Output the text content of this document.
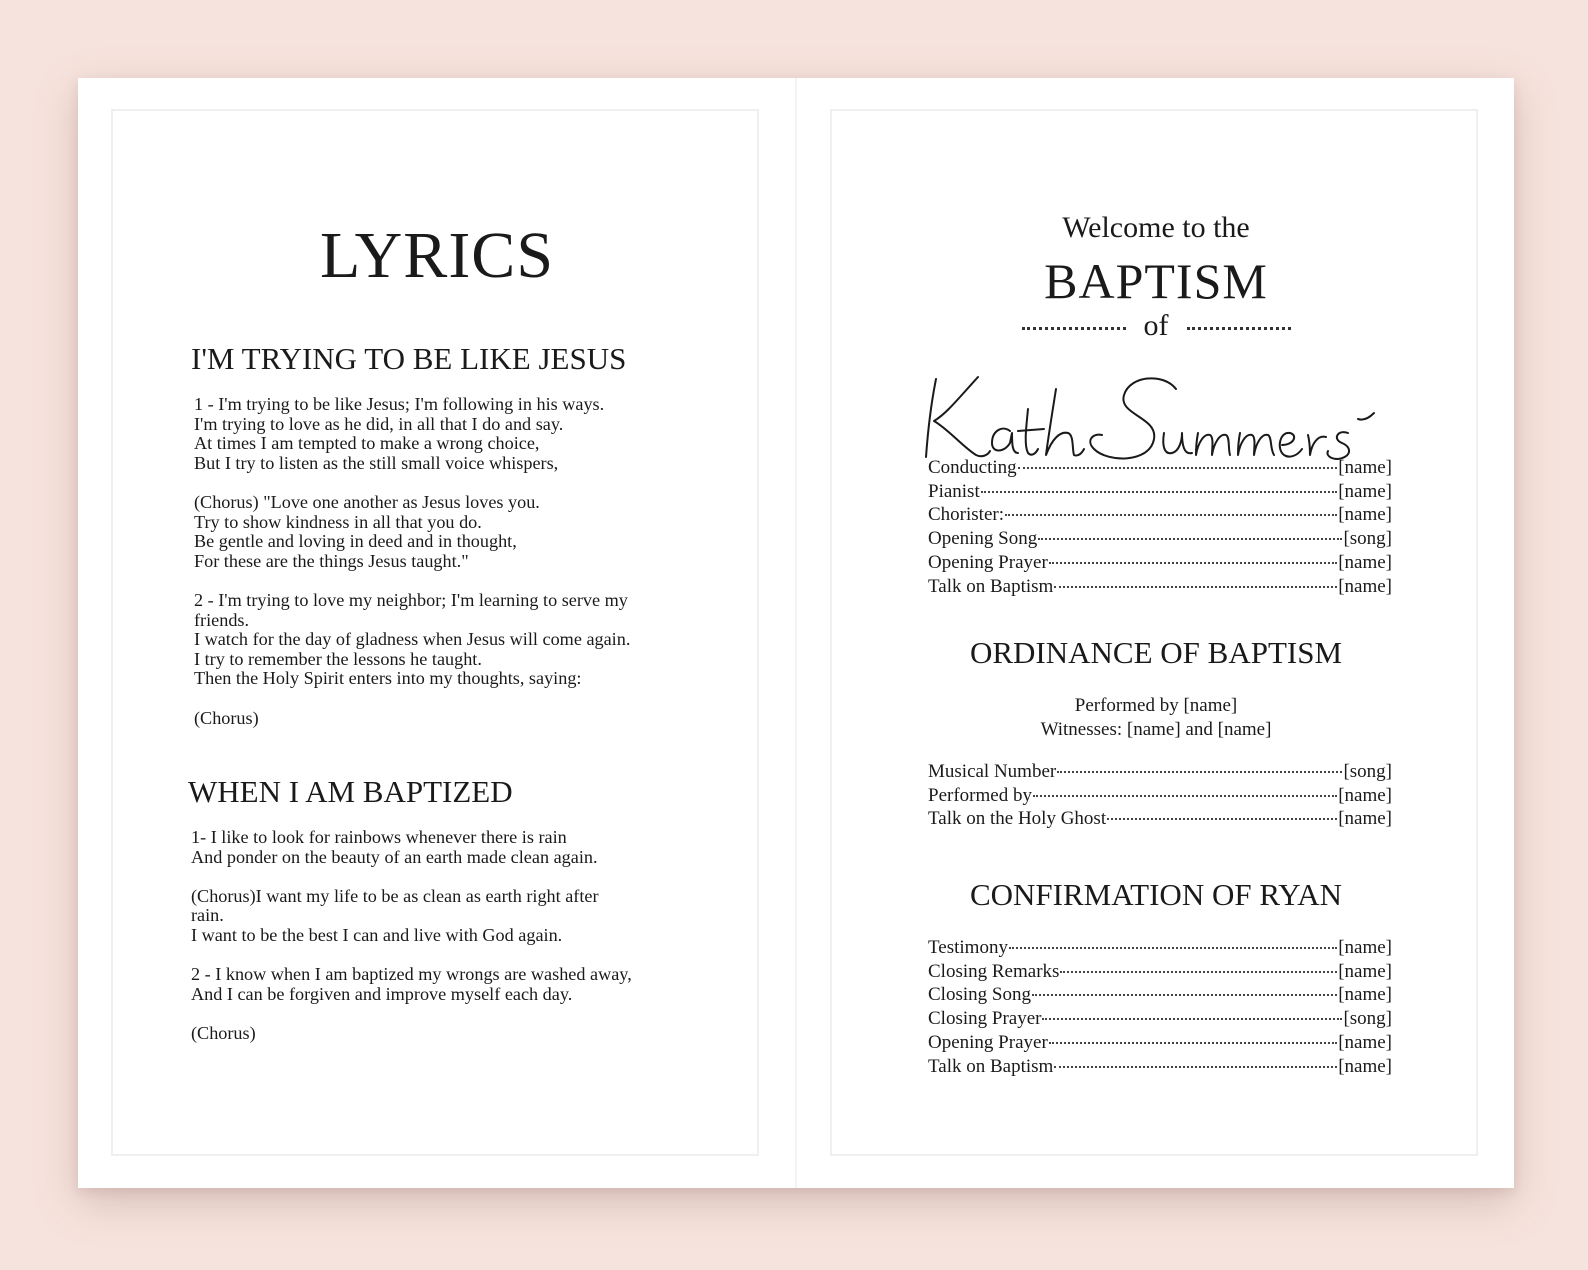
LYRICS
I'M TRYING TO BE LIKE JESUS
1 - I'm trying to be like Jesus; I'm following in his ways.
I'm trying to love as he did, in all that I do and say.
At times I am tempted to make a wrong choice,
But I try to listen as the still small voice whispers,
(Chorus) "Love one another as Jesus loves you.
Try to show kindness in all that you do.
Be gentle and loving in deed and in thought,
For these are the things Jesus taught."
2 - I'm trying to love my neighbor; I'm learning to serve my
friends.
I watch for the day of gladness when Jesus will come again.
I try to remember the lessons he taught.
Then the Holy Spirit enters into my thoughts, saying:
(Chorus)
WHEN I AM BAPTIZED
1- I like to look for rainbows whenever there is rain
And ponder on the beauty of an earth made clean again.
(Chorus)I want my life to be as clean as earth right after
rain.
I want to be the best I can and live with God again.
2 - I know when I am baptized my wrongs are washed away,
And I can be forgiven and improve myself each day.
(Chorus)
Welcome to the
BAPTISM
of
Conducting	[name]
Pianist	[name]
Chorister:	[name]
Opening Song	[song]
Opening Prayer	[name]
Talk on Baptism	[name]
ORDINANCE OF BAPTISM
Performed by [name]
Witnesses: [name] and [name]
Musical Number	[song]
Performed by	[name]
Talk on the Holy Ghost	[name]
CONFIRMATION OF RYAN
Testimony	[name]
Closing Remarks	[name]
Closing Song	[name]
Closing Prayer	[song]
Opening Prayer	[name]
Talk on Baptism	[name]
